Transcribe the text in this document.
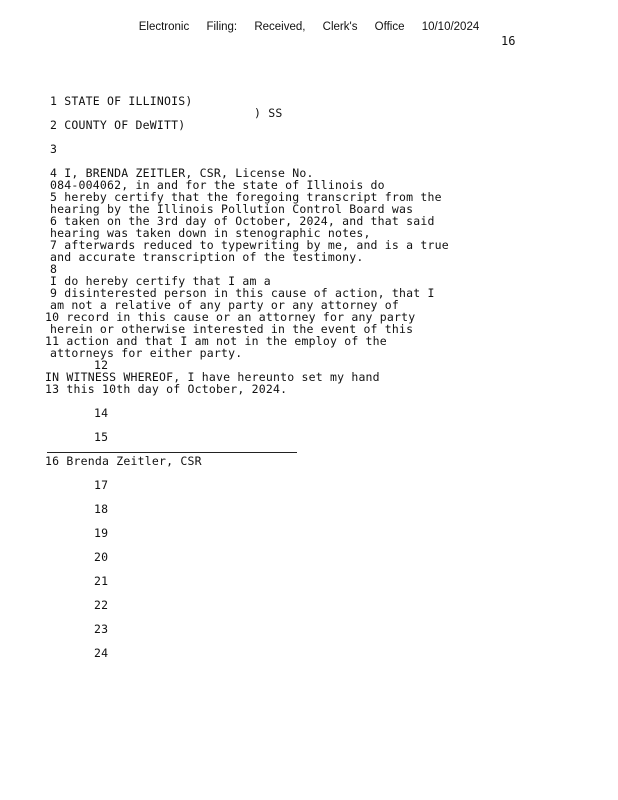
Electronic Filing: Received, Clerk's Office 10/10/2024
16
1 STATE OF ILLINOIS)
) SS
2 COUNTY OF DeWITT)
3
4 I, BRENDA ZEITLER, CSR, License No.
084-004062, in and for the state of Illinois do
5 hereby certify that the foregoing transcript from the
hearing by the Illinois Pollution Control Board was
6 taken on the 3rd day of October, 2024, and that said
hearing was taken down in stenographic notes,
7 afterwards reduced to typewriting by me, and is a true
and accurate transcription of the testimony.
8
I do hereby certify that I am a
9 disinterested person in this cause of action, that I
am not a relative of any party or any attorney of
10 record in this cause or an attorney for any party
herein or otherwise interested in the event of this
11 action and that I am not in the employ of the
attorneys for either party.
12
IN WITNESS WHEREOF, I have hereunto set my hand
13 this 10th day of October, 2024.
14
15
16 Brenda Zeitler, CSR
17
18
19
20
21
22
23
24
